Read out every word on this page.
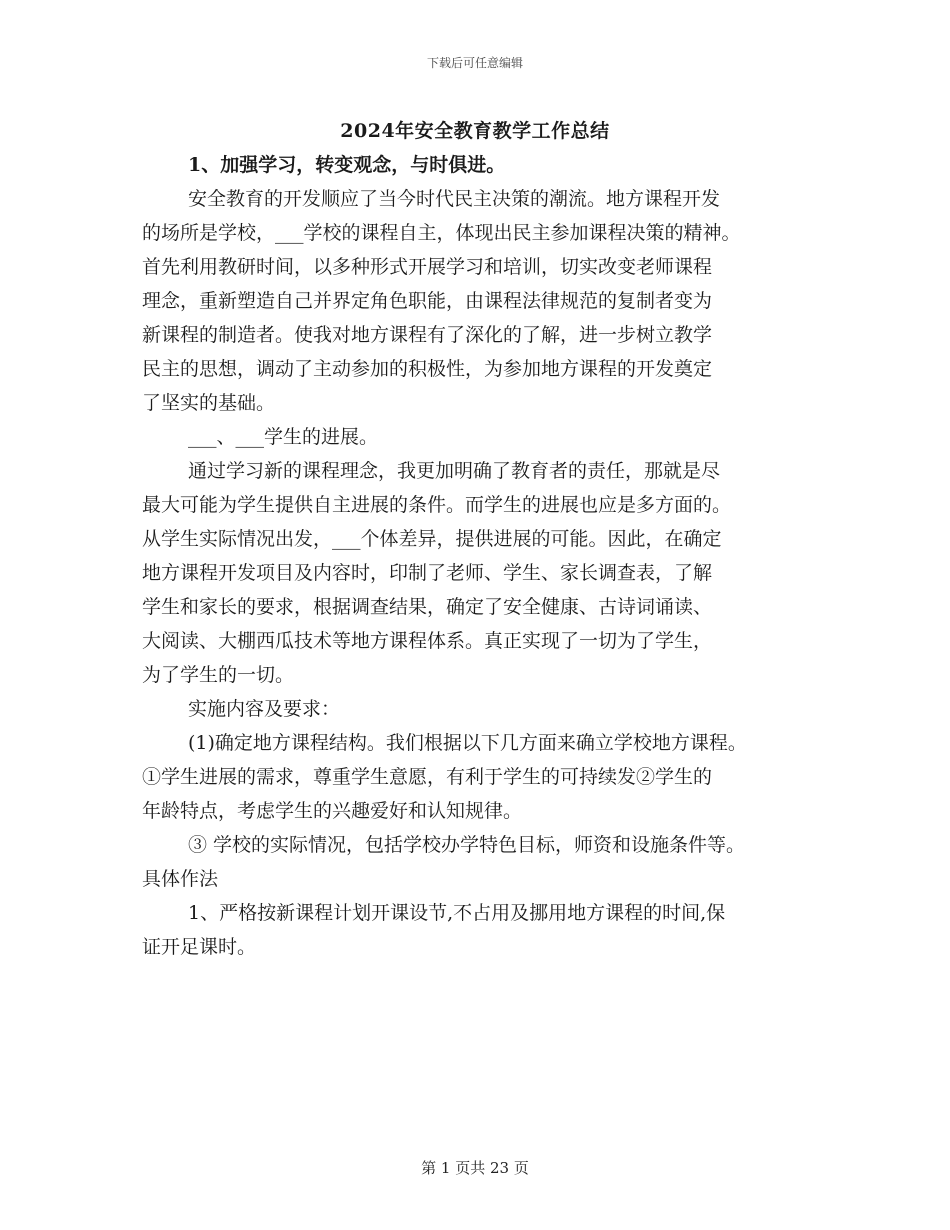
下载后可任意编辑
2024年安全教育教学工作总结
1、加强学习，转变观念，与时俱进。
安全教育的开发顺应了当今时代民主决策的潮流。地方课程开发
的场所是学校，___学校的课程自主，体现出民主参加课程决策的精神。
首先利用教研时间，以多种形式开展学习和培训，切实改变老师课程
理念，重新塑造自己并界定角色职能，由课程法律规范的复制者变为
新课程的制造者。使我对地方课程有了深化的了解，进一步树立教学
民主的思想，调动了主动参加的积极性，为参加地方课程的开发奠定
了坚实的基础。
___、___学生的进展。
通过学习新的课程理念，我更加明确了教育者的责任，那就是尽
最大可能为学生提供自主进展的条件。而学生的进展也应是多方面的。
从学生实际情况出发，___个体差异，提供进展的可能。因此，在确定
地方课程开发项目及内容时，印制了老师、学生、家长调查表，了解
学生和家长的要求，根据调查结果，确定了安全健康、古诗词诵读、
大阅读、大棚西瓜技术等地方课程体系。真正实现了一切为了学生，
为了学生的一切。
实施内容及要求：
(1)确定地方课程结构。我们根据以下几方面来确立学校地方课程。
①学生进展的需求，尊重学生意愿，有利于学生的可持续发②学生的
年龄特点，考虑学生的兴趣爱好和认知规律。
③ 学校的实际情况，包括学校办学特色目标，师资和设施条件等。
具体作法
1、严格按新课程计划开课设节,不占用及挪用地方课程的时间,保
证开足课时。
第 1 页共 23 页
